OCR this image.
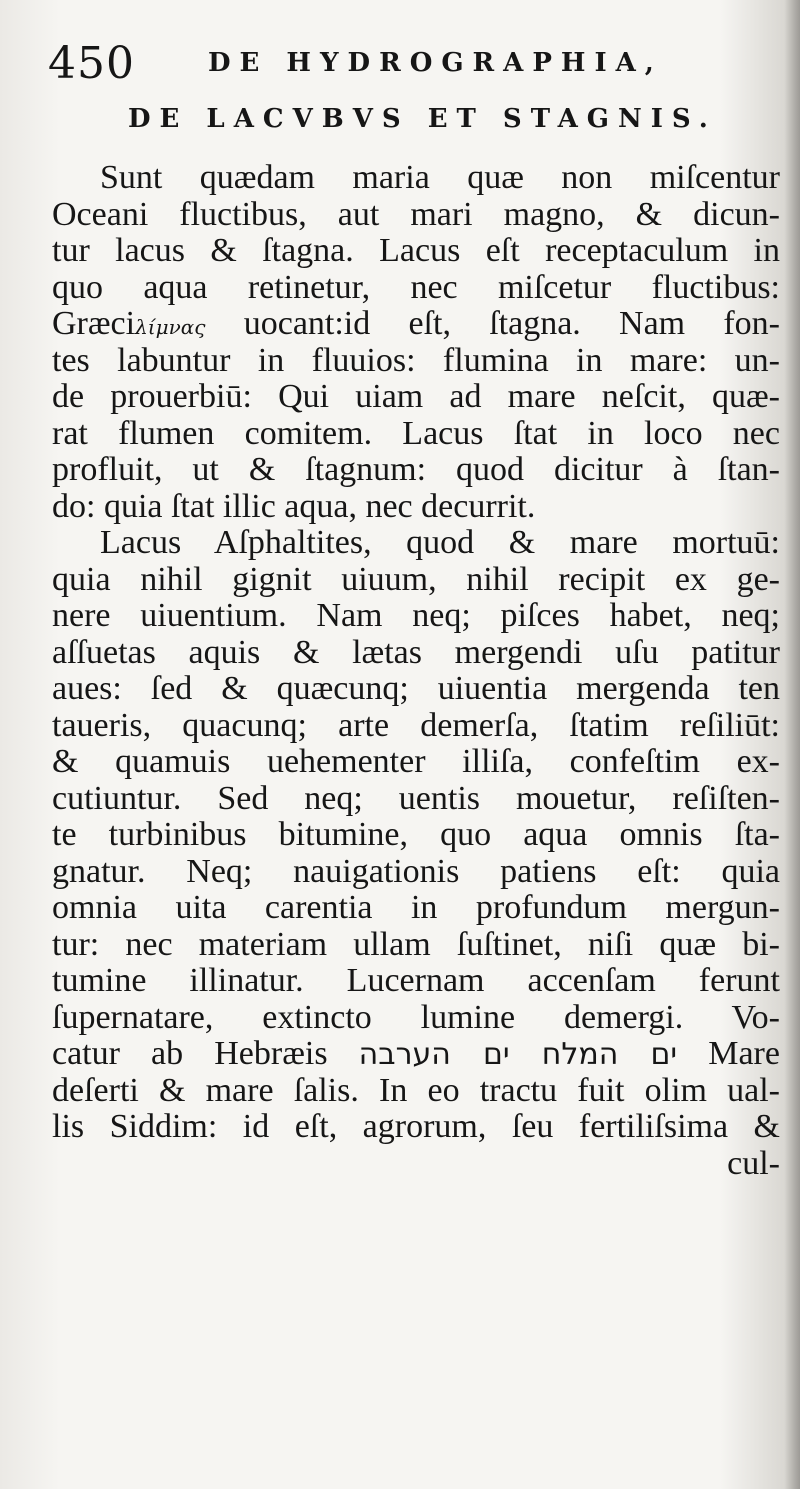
450	DE HYDROGRAPHIA,
DE LACVBVS ET STAGNIS.
Sunt quædam maria quæ non miſcentur
Oceani fluctibus, aut mari magno, & dicun-
tur lacus & ſtagna. Lacus eſt receptaculum in
quo aqua retinetur, nec miſcetur fluctibus:
Græciλίμνας uocant:id eſt, ſtagna. Nam fon-
tes labuntur in fluuios: flumina in mare: un-
de prouerbiū: Qui uiam ad mare neſcit, quæ-
rat flumen comitem. Lacus ſtat in loco nec
profluit, ut & ſtagnum: quod dicitur à ſtan-
do: quia ſtat illic aqua, nec decurrit.
Lacus Aſphaltites, quod & mare mortuū:
quia nihil gignit uiuum, nihil recipit ex ge-
nere uiuentium. Nam neq; piſces habet, neq;
aſſuetas aquis & lætas mergendi uſu patitur
aues: ſed & quæcunq; uiuentia mergenda ten
taueris, quacunq; arte demerſa, ſtatim reſiliūt:
& quamuis uehementer illiſa, confeſtim ex-
cutiuntur. Sed neq; uentis mouetur, reſiſten-
te turbinibus bitumine, quo aqua omnis ſta-
gnatur. Neq; nauigationis patiens eſt: quia
omnia uita carentia in profundum mergun-
tur: nec materiam ullam ſuſtinet, niſi quæ bi-
tumine illinatur. Lucernam accenſam ferunt
ſupernatare, extincto lumine demergi. Vo-
catur ab Hebræis ים המלח ים הערבה Mare
deſerti & mare ſalis. In eo tractu fuit olim ual-
lis Siddim: id eſt, agrorum, ſeu fertiliſsima &
cul-
